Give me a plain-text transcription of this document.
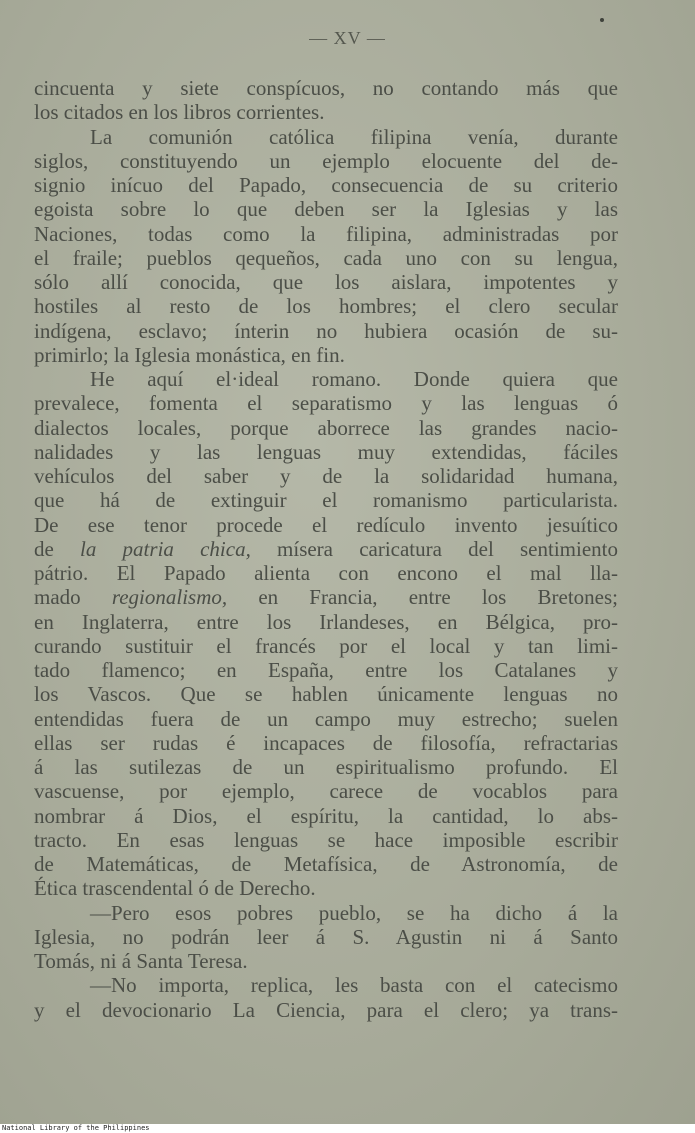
— XV —
cincuenta y siete conspícuos, no contando más que
los citados en los libros corrientes.
La comunión católica filipina venía, durante
siglos, constituyendo un ejemplo elocuente del de-
signio inícuo del Papado, consecuencia de su criterio
egoista sobre lo que deben ser la Iglesias y las
Naciones, todas como la filipina, administradas por
el fraile; pueblos qequeños, cada uno con su lengua,
sólo allí conocida, que los aislara, impotentes y
hostiles al resto de los hombres; el clero secular
indígena, esclavo; ínterin no hubiera ocasión de su-
primirlo; la Iglesia monástica, en fin.
He aquí el·ideal romano. Donde quiera que
prevalece, fomenta el separatismo y las lenguas ó
dialectos locales, porque aborrece las grandes nacio-
nalidades y las lenguas muy extendidas, fáciles
vehículos del saber y de la solidaridad humana,
que há de extinguir el romanismo particularista.
De ese tenor procede el redículo invento jesuítico
de la patria chica, mísera caricatura del sentimiento
pátrio. El Papado alienta con encono el mal lla-
mado regionalismo, en Francia, entre los Bretones;
en Inglaterra, entre los Irlandeses, en Bélgica, pro-
curando sustituir el francés por el local y tan limi-
tado flamenco; en España, entre los Catalanes y
los Vascos. Que se hablen únicamente lenguas no
entendidas fuera de un campo muy estrecho; suelen
ellas ser rudas é incapaces de filosofía, refractarias
á las sutilezas de un espiritualismo profundo. El
vascuense, por ejemplo, carece de vocablos para
nombrar á Dios, el espíritu, la cantidad, lo abs-
tracto. En esas lenguas se hace imposible escribir
de Matemáticas, de Metafísica, de Astronomía, de
Ética trascendental ó de Derecho.
—Pero esos pobres pueblo, se ha dicho á la
Iglesia, no podrán leer á S. Agustin ni á Santo
Tomás, ni á Santa Teresa.
—No importa, replica, les basta con el catecismo
y el devocionario La Ciencia, para el clero; ya trans-
National Library of the Philippines
